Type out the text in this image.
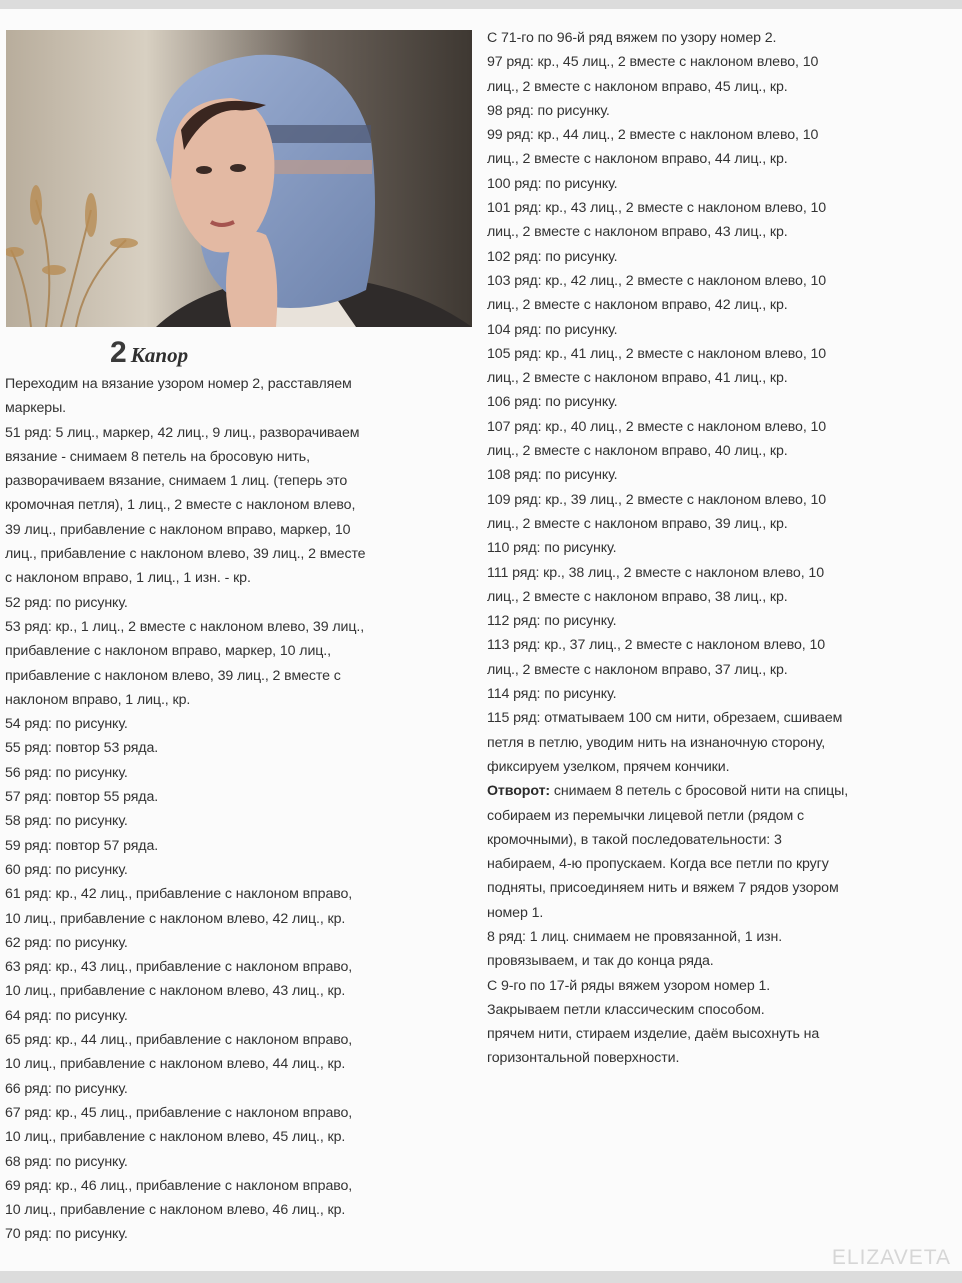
2 Капор
Переходим на вязание узором номер 2, расставляем
маркеры.
51 ряд: 5 лиц., маркер, 42 лиц., 9 лиц., разворачиваем
вязание - снимаем 8 петель на бросовую нить,
разворачиваем вязание, снимаем 1 лиц. (теперь это
кромочная петля), 1 лиц., 2 вместе с наклоном влево,
39 лиц., прибавление с наклоном вправо, маркер, 10
лиц., прибавление с наклоном влево, 39 лиц., 2 вместе
с наклоном вправо, 1 лиц., 1 изн. - кр.
52 ряд: по рисунку.
53 ряд: кр., 1 лиц., 2 вместе с наклоном влево, 39 лиц.,
прибавление с наклоном вправо, маркер, 10 лиц.,
прибавление с наклоном влево, 39 лиц., 2 вместе с
наклоном вправо, 1 лиц., кр.
54 ряд: по рисунку.
55 ряд: повтор 53 ряда.
56 ряд: по рисунку.
57 ряд: повтор 55 ряда.
58 ряд: по рисунку.
59 ряд: повтор 57 ряда.
60 ряд: по рисунку.
61 ряд: кр., 42 лиц., прибавление с наклоном вправо,
10 лиц., прибавление с наклоном влево, 42 лиц., кр.
62 ряд: по рисунку.
63 ряд: кр., 43 лиц., прибавление с наклоном вправо,
10 лиц., прибавление с наклоном влево, 43 лиц., кр.
64 ряд: по рисунку.
65 ряд: кр., 44 лиц., прибавление с наклоном вправо,
10 лиц., прибавление с наклоном влево, 44 лиц., кр.
66 ряд: по рисунку.
67 ряд: кр., 45 лиц., прибавление с наклоном вправо,
10 лиц., прибавление с наклоном влево, 45 лиц., кр.
68 ряд: по рисунку.
69 ряд: кр., 46 лиц., прибавление с наклоном вправо,
10 лиц., прибавление с наклоном влево, 46 лиц., кр.
70 ряд: по рисунку.
С 71-го по 96-й ряд вяжем по узору номер 2.
97 ряд: кр., 45 лиц., 2 вместе с наклоном влево, 10
лиц., 2 вместе с наклоном вправо, 45 лиц., кр.
98 ряд: по рисунку.
99 ряд: кр., 44 лиц., 2 вместе с наклоном влево, 10
лиц., 2 вместе с наклоном вправо, 44 лиц., кр.
100 ряд: по рисунку.
101 ряд: кр., 43 лиц., 2 вместе с наклоном влево, 10
лиц., 2 вместе с наклоном вправо, 43 лиц., кр.
102 ряд: по рисунку.
103 ряд: кр., 42 лиц., 2 вместе с наклоном влево, 10
лиц., 2 вместе с наклоном вправо, 42 лиц., кр.
104 ряд: по рисунку.
105 ряд: кр., 41 лиц., 2 вместе с наклоном влево, 10
лиц., 2 вместе с наклоном вправо, 41 лиц., кр.
106 ряд: по рисунку.
107 ряд: кр., 40 лиц., 2 вместе с наклоном влево, 10
лиц., 2 вместе с наклоном вправо, 40 лиц., кр.
108 ряд: по рисунку.
109 ряд: кр., 39 лиц., 2 вместе с наклоном влево, 10
лиц., 2 вместе с наклоном вправо, 39 лиц., кр.
110 ряд: по рисунку.
111 ряд: кр., 38 лиц., 2 вместе с наклоном влево, 10
лиц., 2 вместе с наклоном вправо, 38 лиц., кр.
112 ряд: по рисунку.
113 ряд: кр., 37 лиц., 2 вместе с наклоном влево, 10
лиц., 2 вместе с наклоном вправо, 37 лиц., кр.
114 ряд: по рисунку.
115 ряд: отматываем 100 см нити, обрезаем, сшиваем
петля в петлю, уводим нить на изнаночную сторону,
фиксируем узелком, прячем кончики.
Отворот: снимаем 8 петель с бросовой нити на спицы,
собираем из перемычки лицевой петли (рядом с
кромочными), в такой последовательности: 3
набираем, 4-ю пропускаем. Когда все петли по кругу
подняты, присоединяем нить и вяжем 7 рядов узором
номер 1.
8 ряд: 1 лиц. снимаем не провязанной, 1 изн.
провязываем, и так до конца ряда.
С 9-го по 17-й ряды вяжем узором номер 1.
Закрываем петли классическим способом.
прячем нити, стираем изделие, даём высохнуть на
горизонтальной поверхности.
ELIZAVETA
